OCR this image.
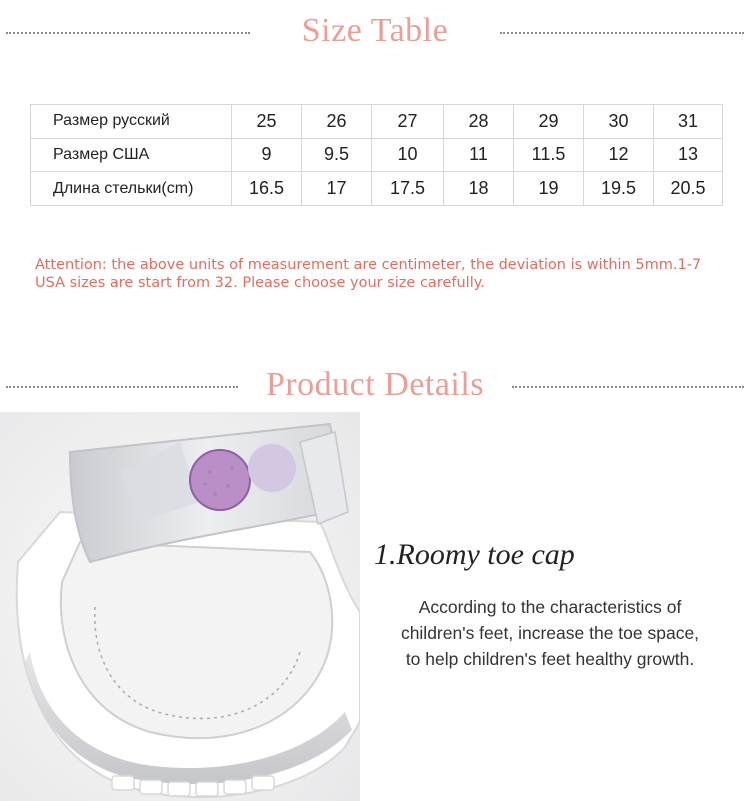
Size Table
Размер русский	25	26	27	28	29	30	31
Размер США	9	9.5	10	11	11.5	12	13
Длина стельки(cm)	16.5	17	17.5	18	19	19.5	20.5
Attention: the above units of measurement are centimeter, the deviation is within 5mm.1-7
USA sizes are start from 32. Please choose your size carefully.
Product Details
1.Roomy toe cap
According to the characteristics of
children's feet, increase the toe space,
to help children's feet healthy growth.
